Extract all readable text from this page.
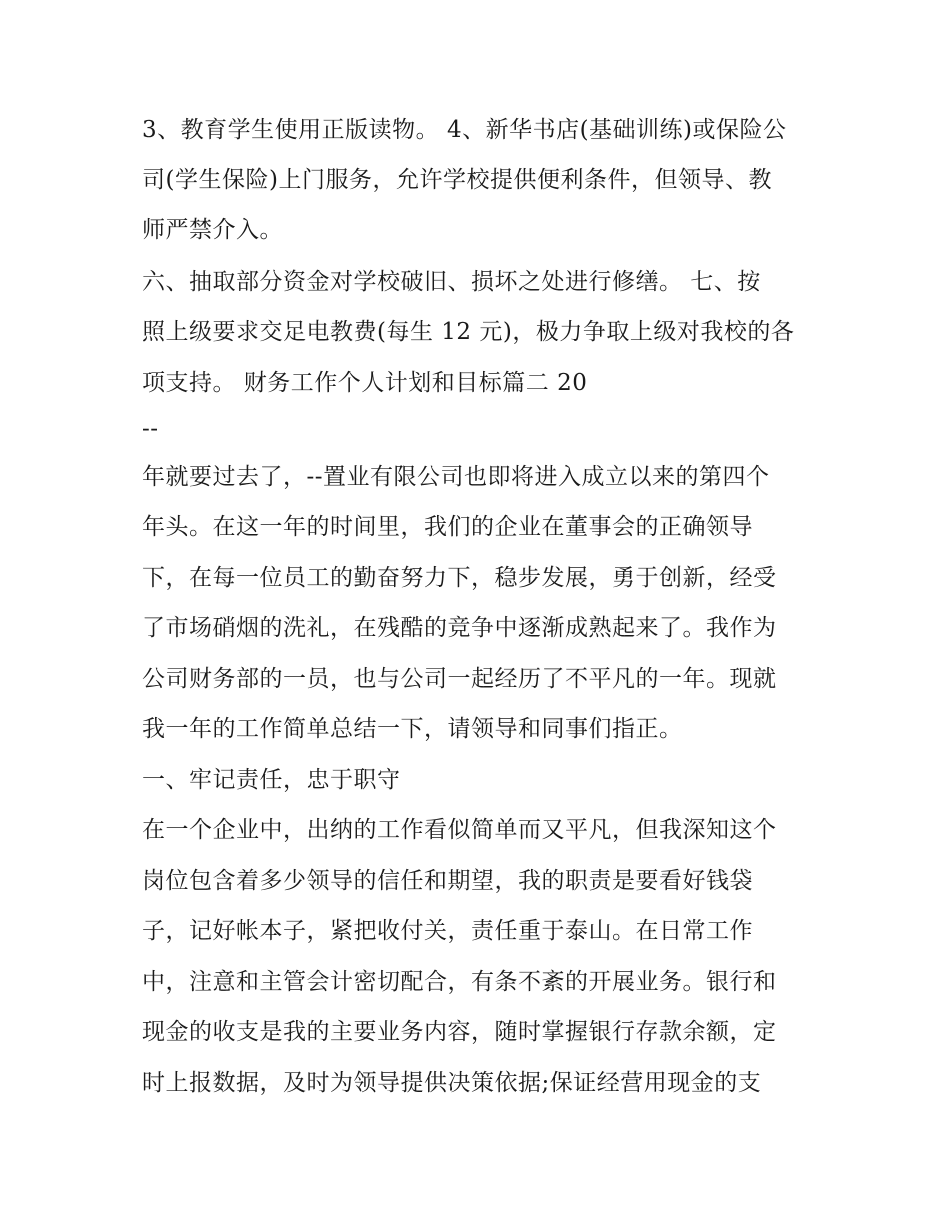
3、教育学生使用正版读物。 4、新华书店(基础训练)或保险公
司(学生保险)上门服务，允许学校提供便利条件，但领导、教
师严禁介入。
六、抽取部分资金对学校破旧、损坏之处进行修缮。 七、按
照上级要求交足电教费(每生 12 元)，极力争取上级对我校的各
项支持。 财务工作个人计划和目标篇二 20
--
年就要过去了，--置业有限公司也即将进入成立以来的第四个
年头。在这一年的时间里，我们的企业在董事会的正确领导
下，在每一位员工的勤奋努力下，稳步发展，勇于创新，经受
了市场硝烟的洗礼，在残酷的竞争中逐渐成熟起来了。我作为
公司财务部的一员，也与公司一起经历了不平凡的一年。现就
我一年的工作简单总结一下，请领导和同事们指正。
一、牢记责任，忠于职守
在一个企业中，出纳的工作看似简单而又平凡，但我深知这个
岗位包含着多少领导的信任和期望，我的职责是要看好钱袋
子，记好帐本子，紧把收付关，责任重于泰山。在日常工作
中，注意和主管会计密切配合，有条不紊的开展业务。银行和
现金的收支是我的主要业务内容，随时掌握银行存款余额，定
时上报数据，及时为领导提供决策依据;保证经营用现金的支
